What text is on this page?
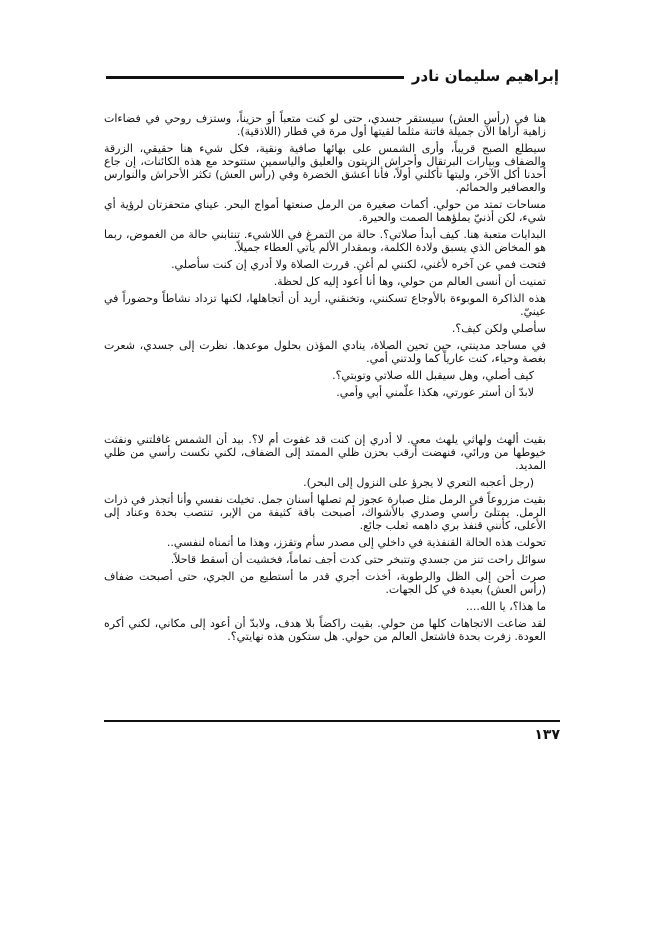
إبراهيم سليمان نادر

هنا في (رأس العش) سيستقر جسدي، حتى لو كنت متعباً أو حزيناً، وستزف روحي في فضاءات زاهية أراها الآن جميلة فاتنة مثلما لقيتها أول مرة في قطار (اللاذقية).

سيطلع الصبح قريباً، وأرى الشمس على بهائها صافية ونقية، فكل شيء هنا حقيقي، الزرقة والضفاف وبيارات البرتقال وأحراش الزيتون والعليق والياسمين ستتوحد مع هذه الكائنات، إن جاع أحدنا أكل الآخر، وليتها تأكلني أولاً، فأنا أعشق الخضرة وفي (رأس العش) تكثر الأحراش والنوارس والعصافير والحمائم.

مساحات تمتد من حولي. أكمات صغيرة من الرمل صنعتها أمواج البحر. عيناي متحفزتان لرؤية أي شيء، لكن أذنيّ يملؤهما الصمت والحيرة.

البدايات متعبة هنا. كيف أبدأ صلاتي؟. حالة من التمرغ في اللاشيء. تنتابني حالة من الغموض، ربما هو المخاض الذي يسبق ولادة الكلمة، وبمقدار الألم يأتي العطاء جميلاً.

فتحت فمي عن آخره لأغني، لكنني لم أغنِ. قررت الصلاة ولا أدري إن كنت سأصلي.

تمنيت أن أنسى العالم من حولي، وها أنا أعود إليه كل لحظة.

هذه الذاكرة الموبوءة بالأوجاع تسكنني، وتخنقني، أريد أن أتجاهلها، لكنها تزداد نشاطاً وحضوراً في عينيّ.

سأصلي ولكن كيف؟.

في مساجد مدينتي، حين تحين الصلاة، ينادي المؤذن بحلول موعدها. نظرت إلى جسدي، شعرت بغصة وحياء، كنت عارياً كما ولدتني أمي.

كيف أصلي، وهل سيقبل الله صلاتي وتوبتي؟.

لابدّ أن أستر عورتي، هكذا علّمني أبي وأمي.

بقيت ألهث ولهاثي يلهث معي. لا أدري إن كنت قد غفوت أم لا؟. بيد أن الشمس غافلتني ونفثت خيوطها من ورائي، فنهضت أرقب بحزن ظلي الممتد إلى الضفاف، لكني نكست رأسي من ظلي المديد.

(رجل أعجبه التعري لا يجرؤ على النزول إلى البحر).

بقيت مزروعاً في الرمل مثل صبارة عجوز لم تصلها أسنان جمل. تخيلت نفسي وأنا أتجذر في ذرات الرمل. يمتلئ رأسي وصدري بالأشواك، أصبحت باقة كثيفة من الإبر، تنتصب بحدة وعناد إلى الأعلى، كأنني قنفذ بري داهمه ثعلب جائع.

تحولت هذه الحالة القنفذية في داخلي إلى مصدر سأم وتقزز، وهذا ما أتمناه لنفسي..

سوائل راحت تنز من جسدي وتتبخر حتى كدت أجف تماماً، فخشيت أن أسقط قاحلاً.

صرت أحن إلى الظل والرطوبة، أخذت أجري قدر ما أستطيع من الجري، حتى أصبحت ضفاف (رأس العش) بعيدة في كل الجهات.

ما هذا؟، يا الله....

لقد ضاعت الاتجاهات كلها من حولي. بقيت راكضاً بلا هدف، ولابدّ أن أعود إلى مكاني، لكني أكره العودة. زفرت بحدة فاشتعل العالم من حولي. هل ستكون هذه نهايتي؟.

١٣٧
